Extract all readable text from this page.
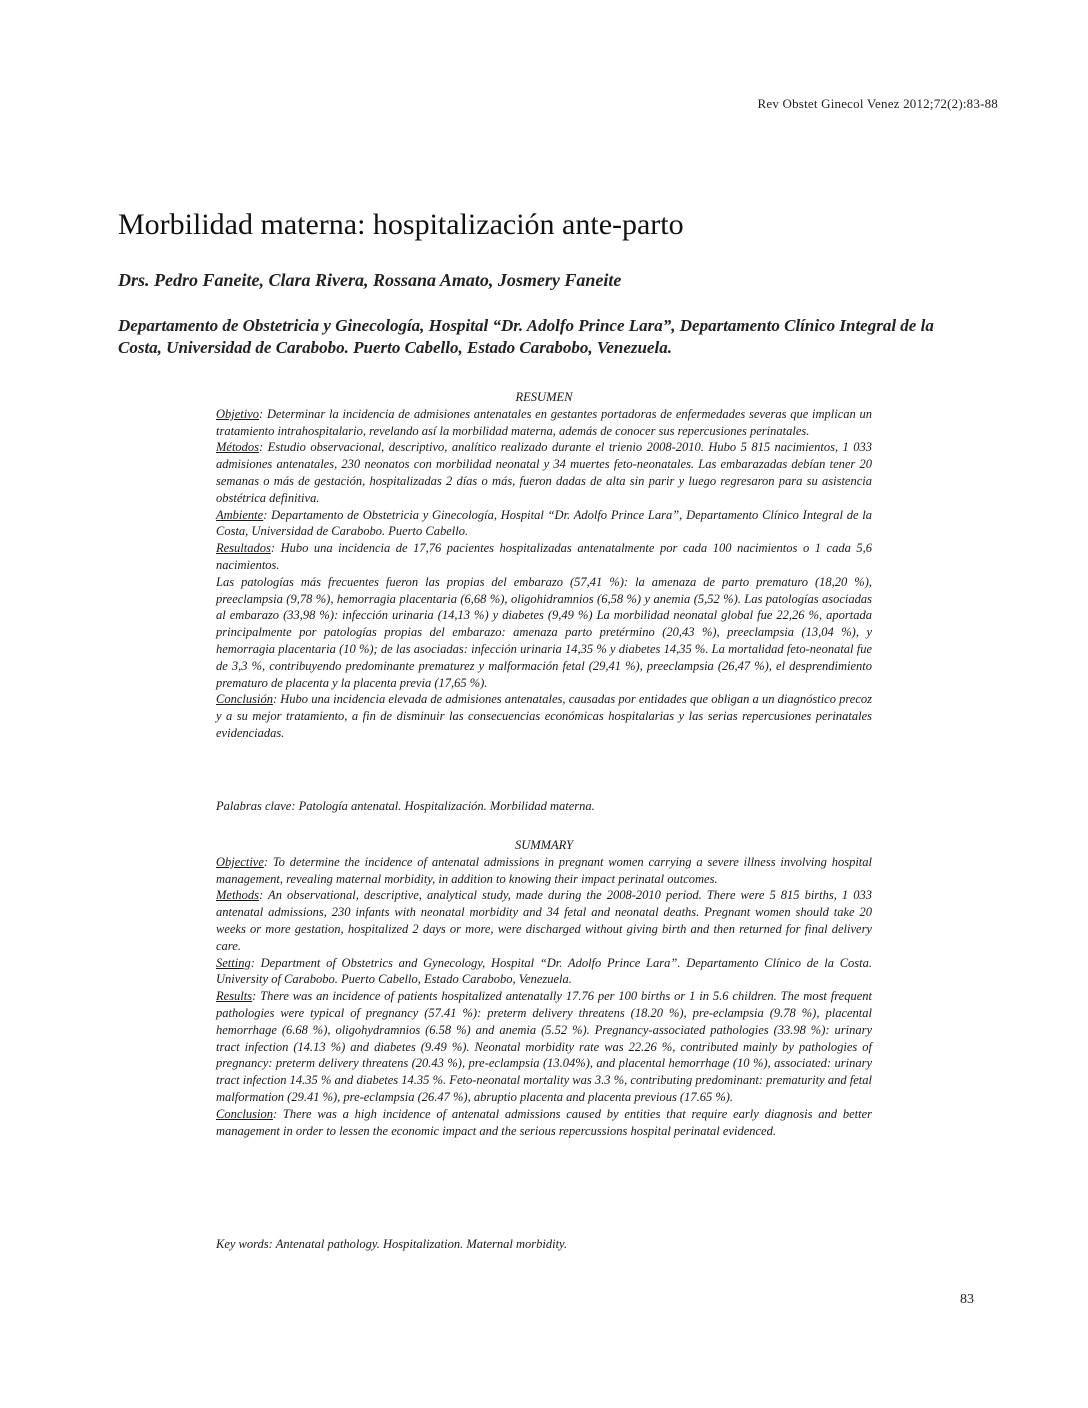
Rev Obstet Ginecol Venez 2012;72(2):83-88
Morbilidad materna: hospitalización ante-parto
Drs. Pedro Faneite, Clara Rivera, Rossana Amato, Josmery Faneite
Departamento de Obstetricia y Ginecología, Hospital “Dr. Adolfo Prince Lara”, Departamento Clínico Integral de la Costa, Universidad de Carabobo. Puerto Cabello, Estado Carabobo, Venezuela.

RESUMEN

Objetivo: Determinar la incidencia de admisiones antenatales en gestantes portadoras de enfermedades severas que implican un tratamiento intrahospitalario, revelando así la morbilidad materna, además de conocer sus repercusiones perinatales.

Métodos: Estudio observacional, descriptivo, analítico realizado durante el trienio 2008-2010. Hubo 5 815 nacimientos, 1 033 admisiones antenatales, 230 neonatos con morbilidad neonatal y 34 muertes feto-neonatales. Las embarazadas debían tener 20 semanas o más de gestación, hospitalizadas 2 días o más, fueron dadas de alta sin parir y luego regresaron para su asistencia obstétrica definitiva.

Ambiente: Departamento de Obstetricia y Ginecología, Hospital “Dr. Adolfo Prince Lara”, Departamento Clínico Integral de la Costa, Universidad de Carabobo. Puerto Cabello.

Resultados: Hubo una incidencia de 17,76 pacientes hospitalizadas antenatalmente por cada 100 nacimientos o 1 cada 5,6 nacimientos.

Las patologías más frecuentes fueron las propias del embarazo (57,41 %): la amenaza de parto prematuro (18,20 %), preeclampsia (9,78 %), hemorragia placentaria (6,68 %), oligohidramnios (6,58 %) y anemia (5,52 %). Las patologías asociadas al embarazo (33,98 %): infección urinaria (14,13 %) y diabetes (9,49 %) La morbilidad neonatal global fue 22,26 %, aportada principalmente por patologías propias del embarazo: amenaza parto pretérmino (20,43 %), preeclampsia (13,04 %), y hemorragia placentaria (10 %); de las asociadas: infección urinaria 14,35 % y diabetes 14,35 %. La mortalidad feto-neonatal fue de 3,3 %, contribuyendo predominante prematurez y malformación fetal (29,41 %), preeclampsia (26,47 %), el desprendimiento prematuro de placenta y la placenta previa (17,65 %).

Conclusión: Hubo una incidencia elevada de admisiones antenatales, causadas por entidades que obligan a un diagnóstico precoz y a su mejor tratamiento, a fin de disminuir las consecuencias económicas hospitalarias y las serias repercusiones perinatales evidenciadas.

Palabras clave: Patología antenatal. Hospitalización. Morbilidad materna.

SUMMARY

Objective: To determine the incidence of antenatal admissions in pregnant women carrying a severe illness involving hospital management, revealing maternal morbidity, in addition to knowing their impact perinatal outcomes.

Methods: An observational, descriptive, analytical study, made during the 2008-2010 period. There were 5 815 births, 1 033 antenatal admissions, 230 infants with neonatal morbidity and 34 fetal and neonatal deaths. Pregnant women should take 20 weeks or more gestation, hospitalized 2 days or more, were discharged without giving birth and then returned for final delivery care.

Setting: Department of Obstetrics and Gynecology, Hospital “Dr. Adolfo Prince Lara”. Departamento Clínico de la Costa. University of Carabobo. Puerto Cabello, Estado Carabobo, Venezuela.

Results: There was an incidence of patients hospitalized antenatally 17.76 per 100 births or 1 in 5.6 children. The most frequent pathologies were typical of pregnancy (57.41 %): preterm delivery threatens (18.20 %), pre-eclampsia (9.78 %), placental hemorrhage (6.68 %), oligohydramnios (6.58 %) and anemia (5.52 %). Pregnancy-associated pathologies (33.98 %): urinary tract infection (14.13 %) and diabetes (9.49 %). Neonatal morbidity rate was 22.26 %, contributed mainly by pathologies of pregnancy: preterm delivery threatens (20.43 %), pre-eclampsia (13.04%), and placental hemorrhage (10 %), associated: urinary tract infection 14.35 % and diabetes 14.35 %. Feto-neonatal mortality was 3.3 %, contributing predominant: prematurity and fetal malformation (29.41 %), pre-eclampsia (26.47 %), abruptio placenta and placenta previous (17.65 %).

Conclusion: There was a high incidence of antenatal admissions caused by entities that require early diagnosis and better management in order to lessen the economic impact and the serious repercussions hospital perinatal evidenced.

Key words: Antenatal pathology. Hospitalization. Maternal morbidity.
83
